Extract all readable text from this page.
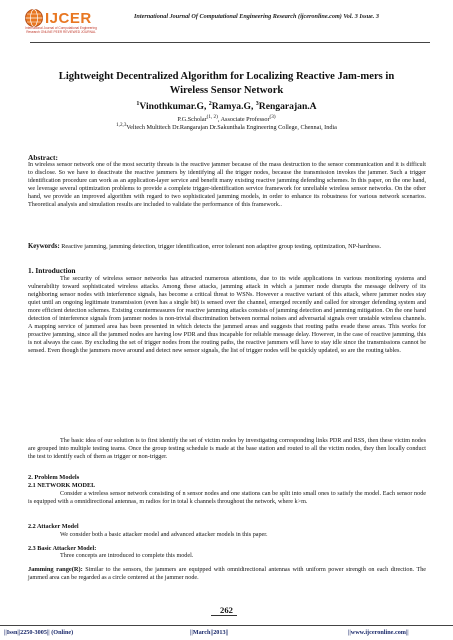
IJCER
International Journal of Computational Engineering Research ONLINE PEER REVIEWED JOURNAL
International Journal Of Computational Engineering Research (ijceronline.com) Vol. 3 Issue. 3
Lightweight Decentralized Algorithm for Localizing Reactive Jam-mers in Wireless Sensor Network
$^1$Vinothkumar.G, $^2$Ramya.G, $^3$Rengarajan.A
P.G.Scholar$^{(1, 2)}$, Associate Professor$^{(3)}$
$^{1,2,3}$Veltech Multitech Dr.Rangarajan Dr.Sakunthala Engineering College, Chennai, India
Abstract:
In wireless sensor network one of the most security threats is the reactive jammer because of the mass destruction to the sensor communication and it is difficult to disclose. So we have to deactivate the reactive jammers by identifying all the trigger nodes, because the transmission invokes the jammer. Such a trigger identification procedure can work as an application-layer service and benefit many existing reactive jamming defending schemes. In this paper, on the one hand, we leverage several optimization problems to provide a complete trigger-identification service framework for unreliable wireless sensor networks. On the other hand, we provide an improved algorithm with regard to two sophisticated jamming models, in order to enhance its robustness for various network scenarios. Theoretical analysis and simulation results are included to validate the performance of this framework..
Keywords: Reactive jamming, jamming detection, trigger identification, error tolerant non adaptive group testing, optimization, NP-hardness.
1. Introduction
The security of wireless sensor networks has attracted numerous attentions, due to its wide applications in various monitoring systems and vulnerability toward sophisticated wireless attacks. Among these attacks, jamming attack in which a jammer node disrupts the message delivery of its neighboring sensor nodes with interference signals, has become a critical threat to WSNs. However a reactive variant of this attack, where jammer nodes stay quiet until an ongoing legitimate transmission (even has a single bit) is sensed over the channel, emerged recently and called for stronger defending system and more efficient detection schemes. Existing countermeasures for reactive jamming attacks consists of jamming detection and jamming mitigation. On the one hand detection of interference signals from jammer nodes is non-trivial discrimination between normal noises and adversarial signals over unstable wireless channels. A mapping service of jammed area has been presented in which detects the jammed areas and suggests that routing paths evade these areas. This works for proactive jamming, since all the jammed nodes are having low PDR and thus incapable for reliable message delay. However, in the case of reactive jamming, this is not always the case. By excluding the set of trigger nodes from the routing paths, the reactive jammers will have to stay idle since the transmissions cannot be sensed. Even though the jammers move around and detect new sensor signals, the list of trigger nodes will be quickly updated, so are the routing tables.
The basic idea of our solution is to first identify the set of victim nodes by investigating corresponding links PDR and RSS, then these victim nodes are grouped into multiple testing teams. Once the group testing schedule is made at the base station and routed to all the victim nodes, they then locally conduct the test to identify each of them as trigger or non-trigger.
2. Problem Models
2.1 NETWORK MODEL
Consider a wireless sensor network consisting of n sensor nodes and one stations can be split into small ones to satisfy the model. Each sensor node is equipped with a omnidirectional antennas, m radios for in total k channels throughout the network, where k>m.
2.2 Attacker Model
We consider both a basic attacker model and advanced attacker models in this paper.
2.3 Basic Attacker Model:
Three concepts are introduced to complete this model.
Jamming range(R): Similar to the sensors, the jammers are equipped with omnidirectional antennas with uniform power strength on each direction. The jammed area can be regarded as a circle centered at the jammer node.
262
||Issn||2250-3005|| (Online)	||March||2013||	||www.ijceronline.com||
